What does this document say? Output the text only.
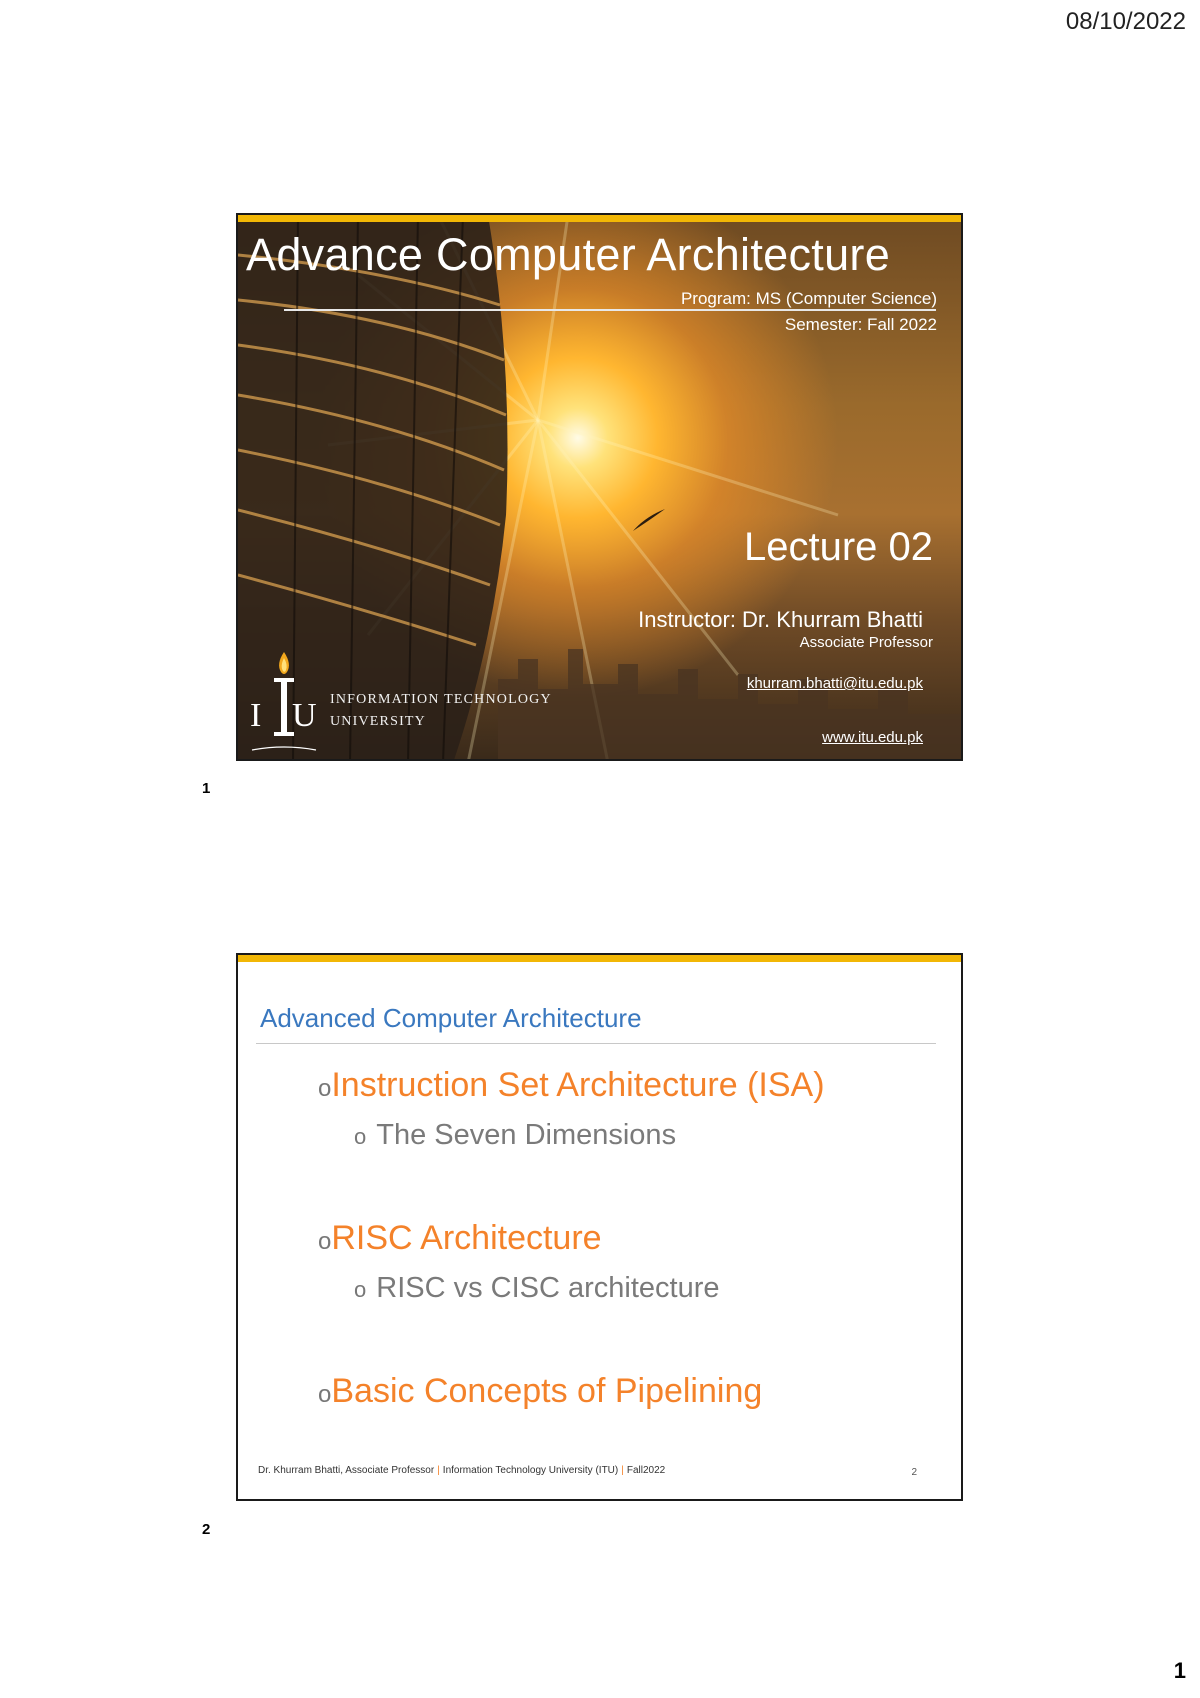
08/10/2022
Advance Computer Architecture
Program: MS (Computer Science)
Semester: Fall 2022
Lecture 02
Instructor: Dr. Khurram Bhatti
Associate Professor
khurram.bhatti@itu.edu.pk
www.itu.edu.pk
I U INFORMATION TECHNOLOGY
UNIVERSITY
1
Advanced Computer Architecture
oInstruction Set Architecture (ISA)
o The Seven Dimensions
oRISC Architecture
o RISC vs CISC architecture
oBasic Concepts of Pipelining
Dr. Khurram Bhatti, Associate Professor | Information Technology University (ITU) | Fall2022	2
2
1
